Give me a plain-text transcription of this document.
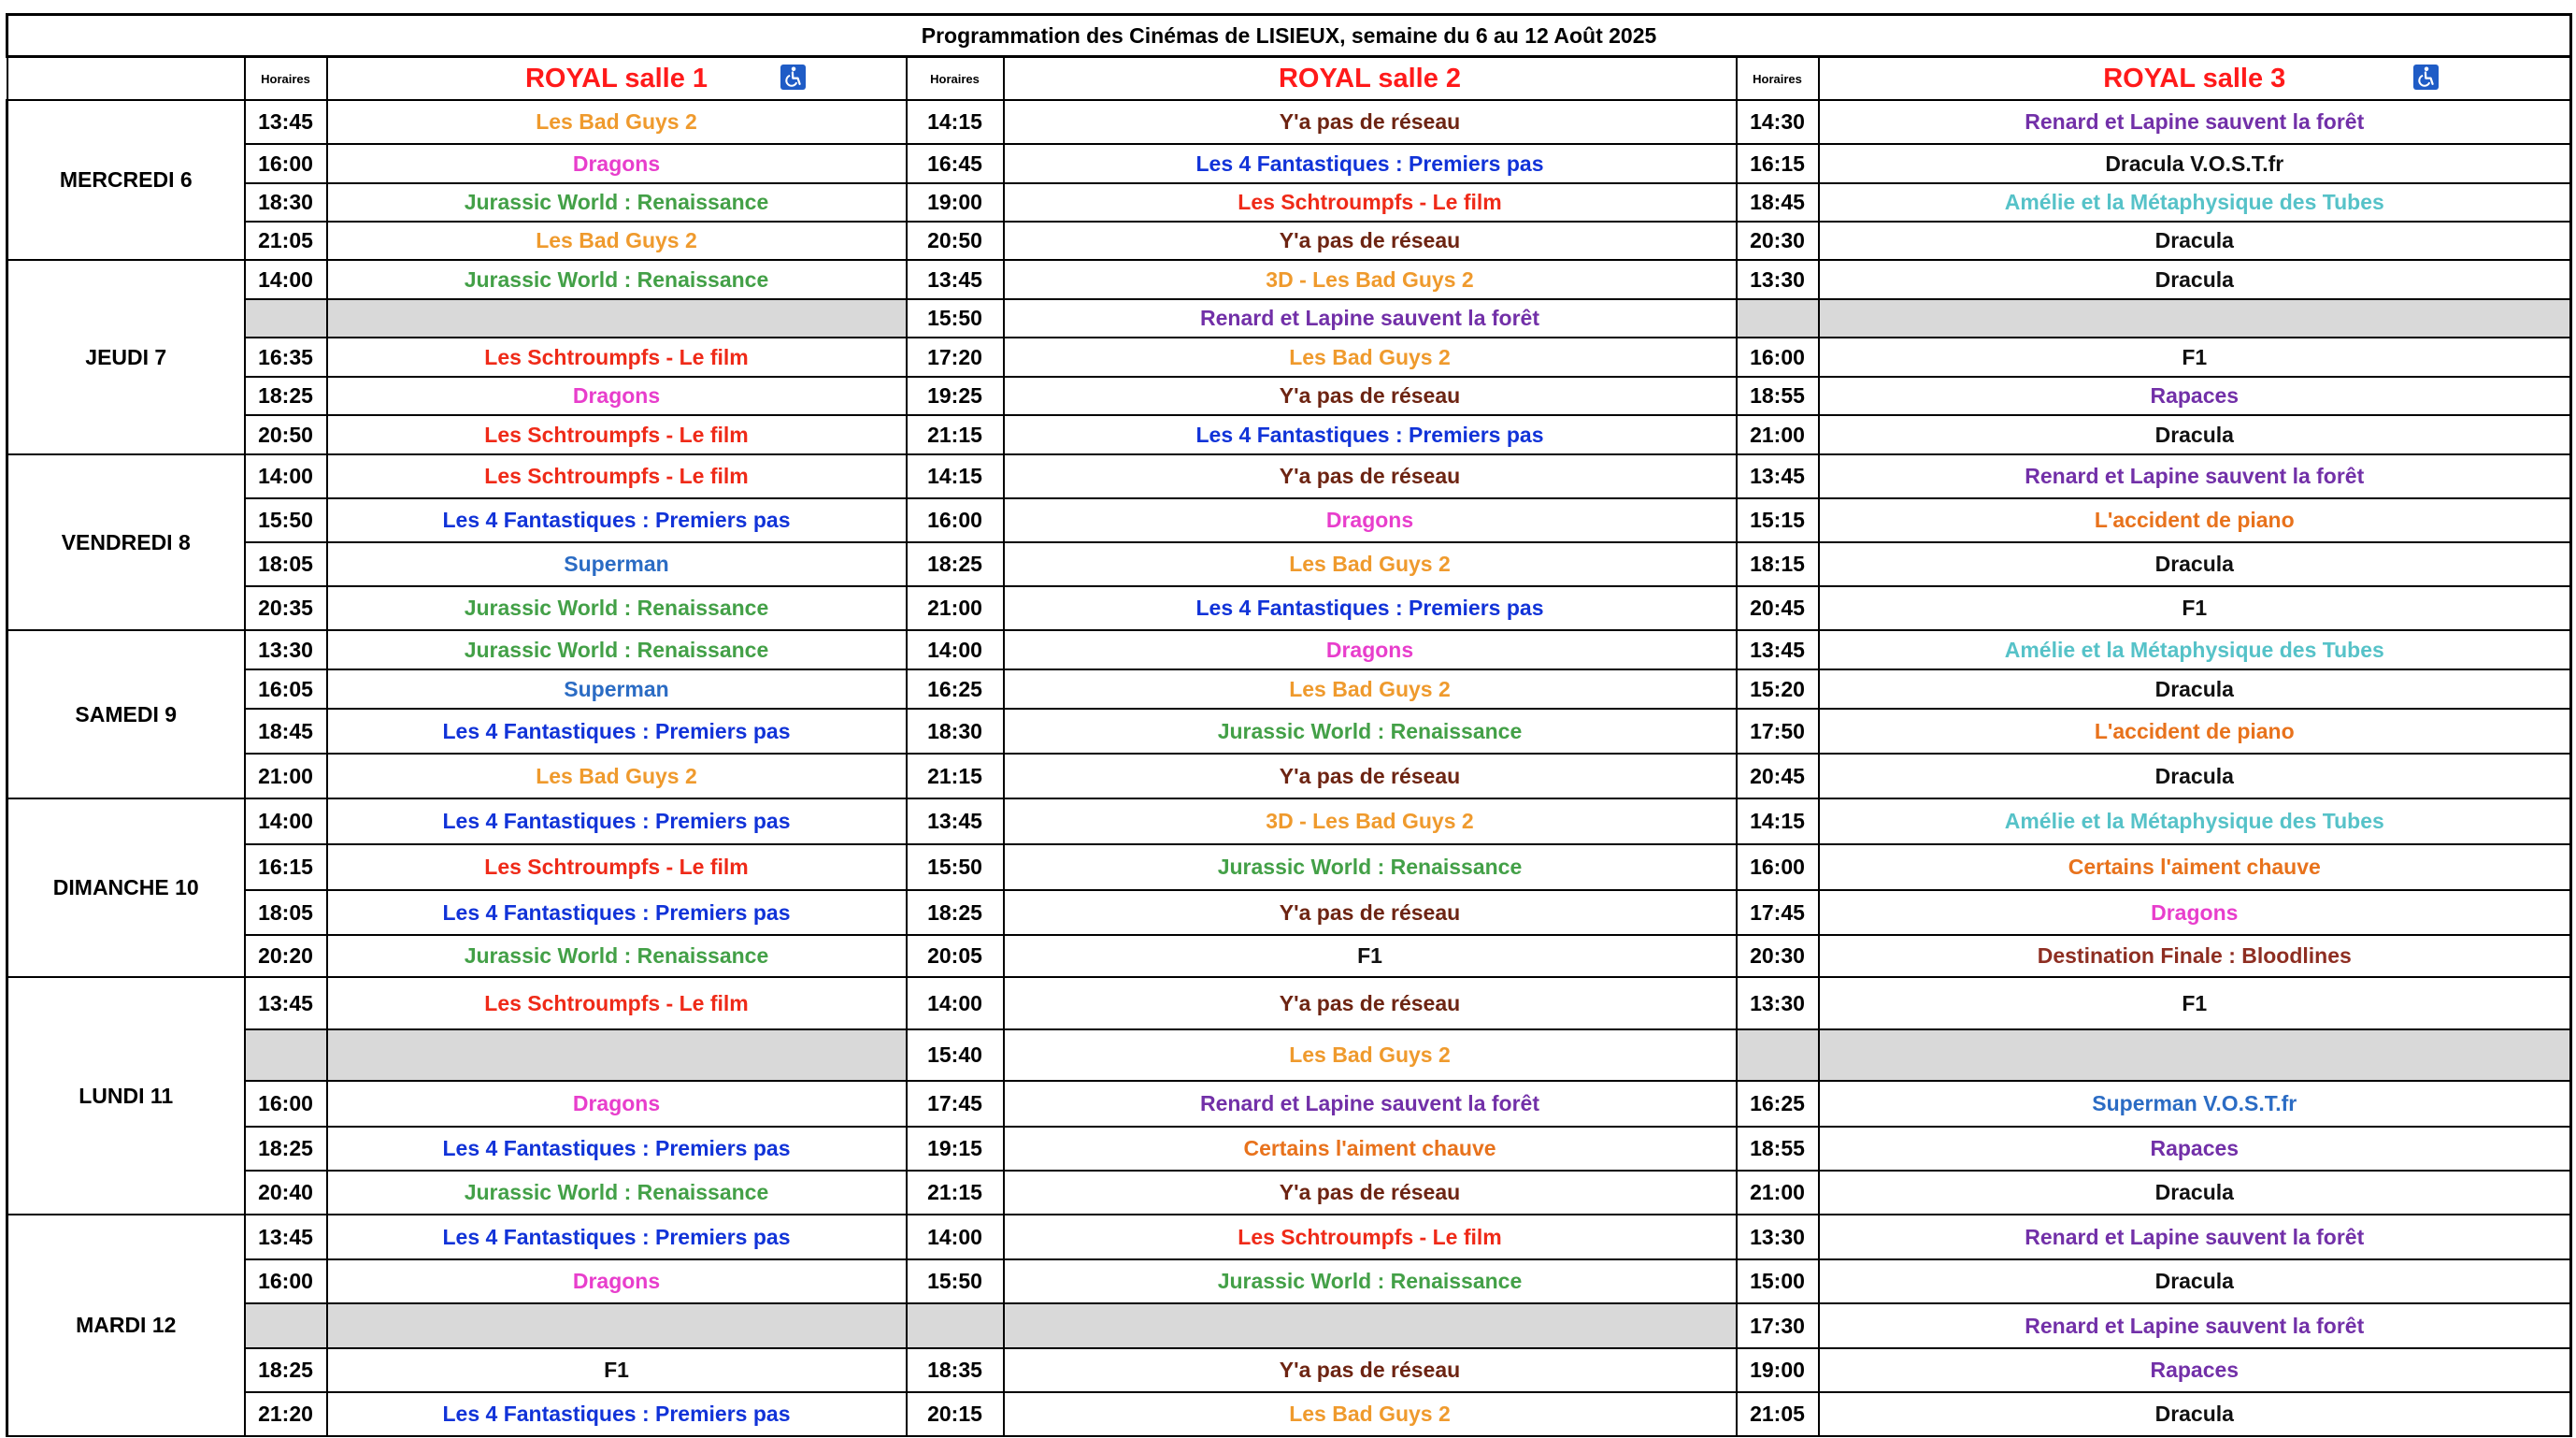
Programmation des Cinémas de LISIEUX, semaine du 6 au 12 Août 2025						
	Horaires	ROYAL salle 1	Horaires	ROYAL salle 2	Horaires	ROYAL salle 3

MERCREDI 6	13:45	Les Bad Guys 2	14:15	Y'a pas de réseau	14:30	Renard et Lapine sauvent la forêt
	16:00	Dragons	16:45	Les 4 Fantastiques : Premiers pas	16:15	Dracula V.O.S.T.fr
	18:30	Jurassic World : Renaissance	19:00	Les Schtroumpfs - Le film	18:45	Amélie et la Métaphysique des Tubes
	21:05	Les Bad Guys 2	20:50	Y'a pas de réseau	20:30	Dracula
JEUDI 7	14:00	Jurassic World : Renaissance	13:45	3D - Les Bad Guys 2	13:30	Dracula
			15:50	Renard et Lapine sauvent la forêt		
	16:35	Les Schtroumpfs - Le film	17:20	Les Bad Guys 2	16:00	F1
	18:25	Dragons	19:25	Y'a pas de réseau	18:55	Rapaces
	20:50	Les Schtroumpfs - Le film	21:15	Les 4 Fantastiques : Premiers pas	21:00	Dracula
VENDREDI 8	14:00	Les Schtroumpfs - Le film	14:15	Y'a pas de réseau	13:45	Renard et Lapine sauvent la forêt
	15:50	Les 4 Fantastiques : Premiers pas	16:00	Dragons	15:15	L'accident de piano
	18:05	Superman	18:25	Les Bad Guys 2	18:15	Dracula
	20:35	Jurassic World : Renaissance	21:00	Les 4 Fantastiques : Premiers pas	20:45	F1
SAMEDI 9	13:30	Jurassic World : Renaissance	14:00	Dragons	13:45	Amélie et la Métaphysique des Tubes
	16:05	Superman	16:25	Les Bad Guys 2	15:20	Dracula
	18:45	Les 4 Fantastiques : Premiers pas	18:30	Jurassic World : Renaissance	17:50	L'accident de piano
	21:00	Les Bad Guys 2	21:15	Y'a pas de réseau	20:45	Dracula
DIMANCHE 10	14:00	Les 4 Fantastiques : Premiers pas	13:45	3D - Les Bad Guys 2	14:15	Amélie et la Métaphysique des Tubes
	16:15	Les Schtroumpfs - Le film	15:50	Jurassic World : Renaissance	16:00	Certains l'aiment chauve
	18:05	Les 4 Fantastiques : Premiers pas	18:25	Y'a pas de réseau	17:45	Dragons
	20:20	Jurassic World : Renaissance	20:05	F1	20:30	Destination Finale : Bloodlines
LUNDI 11	13:45	Les Schtroumpfs - Le film	14:00	Y'a pas de réseau	13:30	F1
			15:40	Les Bad Guys 2		
	16:00	Dragons	17:45	Renard et Lapine sauvent la forêt	16:25	Superman V.O.S.T.fr
	18:25	Les 4 Fantastiques : Premiers pas	19:15	Certains l'aiment chauve	18:55	Rapaces
	20:40	Jurassic World : Renaissance	21:15	Y'a pas de réseau	21:00	Dracula
MARDI 12	13:45	Les 4 Fantastiques : Premiers pas	14:00	Les Schtroumpfs - Le film	13:30	Renard et Lapine sauvent la forêt
	16:00	Dragons	15:50	Jurassic World : Renaissance	15:00	Dracula
					17:30	Renard et Lapine sauvent la forêt
	18:25	F1	18:35	Y'a pas de réseau	19:00	Rapaces
	21:20	Les 4 Fantastiques : Premiers pas	20:15	Les Bad Guys 2	21:05	Dracula
